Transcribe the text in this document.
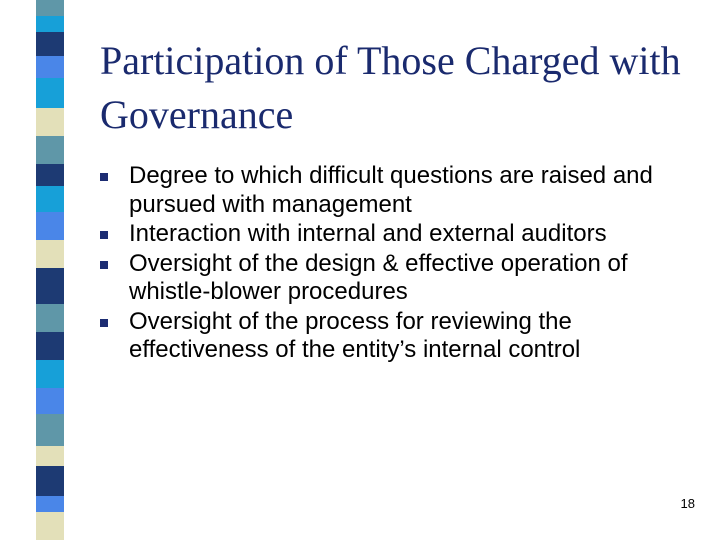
Participation of Those Charged with Governance
Degree to which difficult questions are raised and pursued with management
Interaction with internal and external auditors
Oversight of the design & effective operation of whistle-blower procedures
Oversight of the process for reviewing the effectiveness of the entity’s internal control
18
